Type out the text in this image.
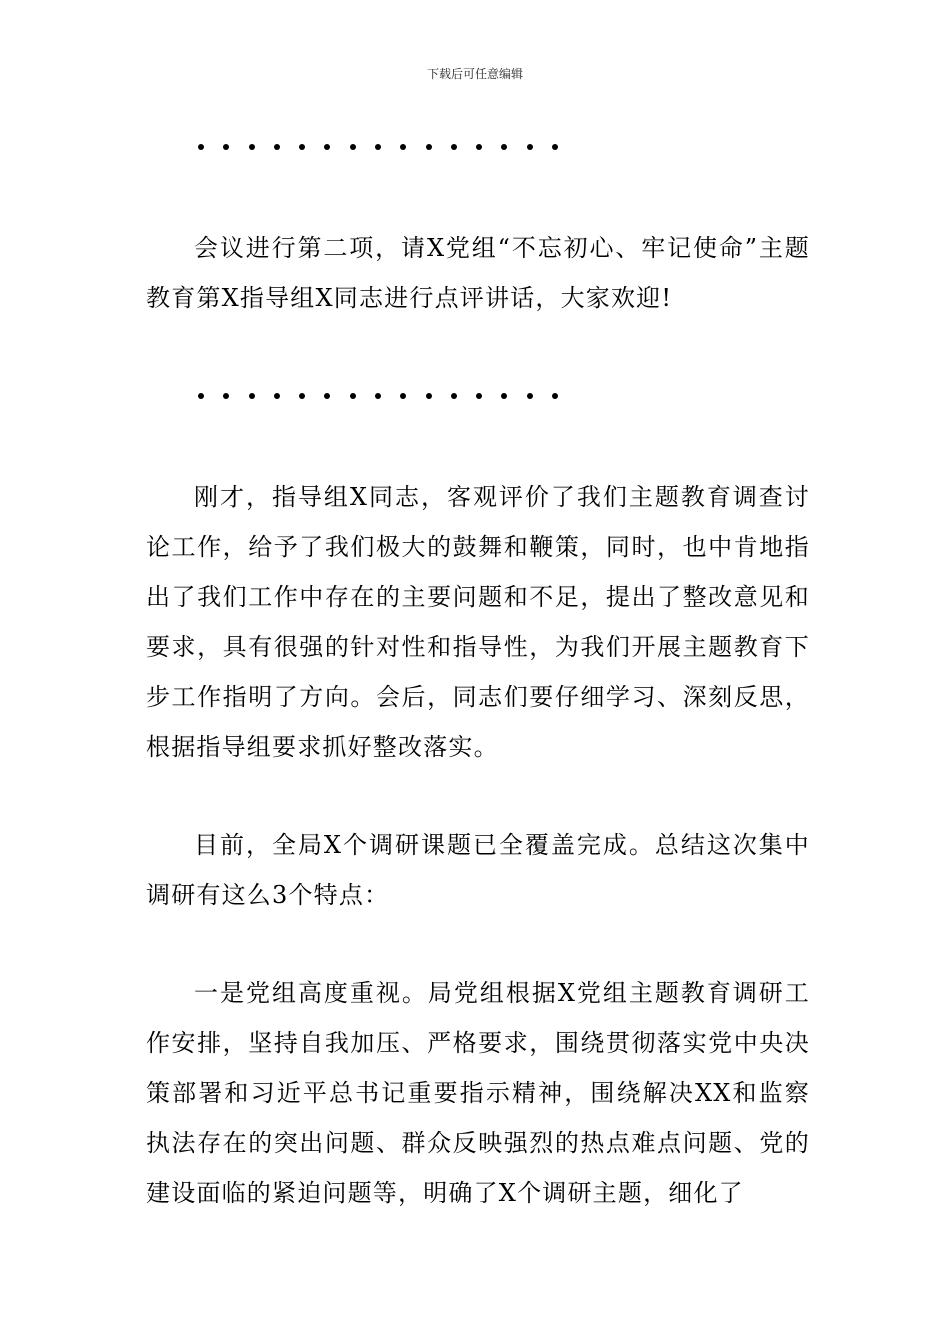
下载后可任意编辑

会议进行第二项，请X党组“不忘初心、牢记使命”主题教育第X指导组X同志进行点评讲话，大家欢迎!

刚才，指导组X同志，客观评价了我们主题教育调查讨论工作，给予了我们极大的鼓舞和鞭策，同时，也中肯地指出了我们工作中存在的主要问题和不足，提出了整改意见和要求，具有很强的针对性和指导性，为我们开展主题教育下步工作指明了方向。会后，同志们要仔细学习、深刻反思，根据指导组要求抓好整改落实。

目前，全局X个调研课题已全覆盖完成。总结这次集中调研有这么3个特点：

一是党组高度重视。局党组根据X党组主题教育调研工作安排，坚持自我加压、严格要求，围绕贯彻落实党中央决策部署和习近平总书记重要指示精神，围绕解决XX和监察执法存在的突出问题、群众反映强烈的热点难点问题、党的建设面临的紧迫问题等，明确了X个调研主题，细化了
